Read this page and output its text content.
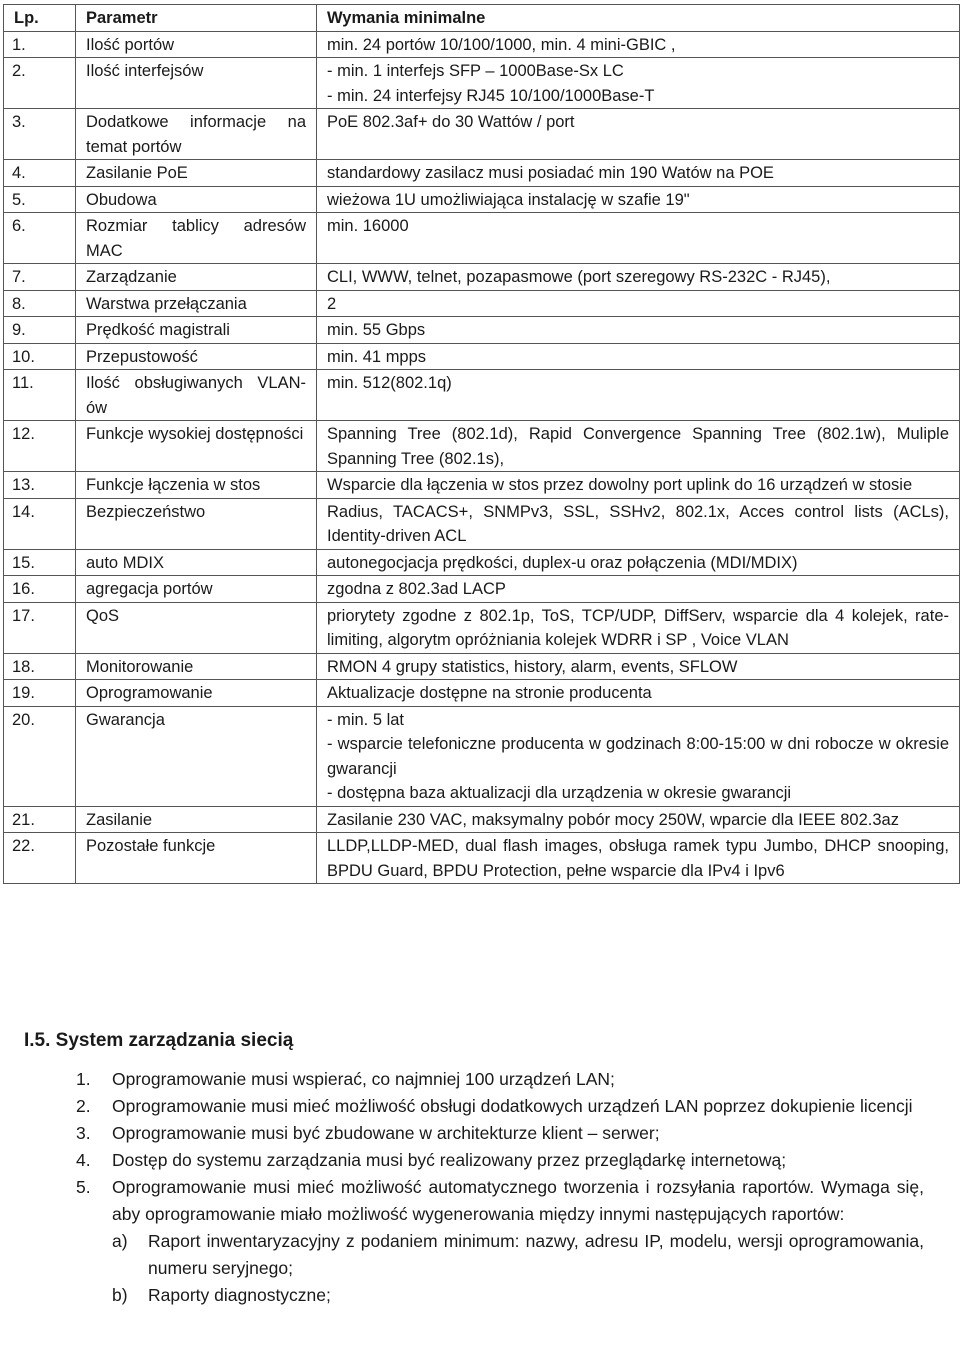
Lp.	Parametr	Wymania minimalne
1.	Ilość portów	min. 24 portów 10/100/1000, min. 4 mini-GBIC ,
2.	Ilość interfejsów	- min. 1 interfejs SFP – 1000Base-Sx LC
- min. 24 interfejsy RJ45 10/100/1000Base-T
3.	Dodatkowe informacje na temat portów	PoE 802.3af+ do 30 Wattów / port
4.	Zasilanie PoE	standardowy zasilacz musi posiadać min 190 Watów na POE
5.	Obudowa	wieżowa 1U umożliwiająca instalację w szafie 19"
6.	Rozmiar tablicy adresów MAC	min. 16000
7.	Zarządzanie	CLI, WWW, telnet, pozapasmowe (port szeregowy RS-232C - RJ45),
8.	Warstwa przełączania	2
9.	Prędkość magistrali	min. 55 Gbps
10.	Przepustowość	min. 41 mpps
11.	Ilość obsługiwanych VLAN-ów	min. 512(802.1q)
12.	Funkcje wysokiej dostępności	Spanning Tree (802.1d), Rapid Convergence Spanning Tree (802.1w), Muliple Spanning Tree (802.1s),
13.	Funkcje łączenia w stos	Wsparcie dla łączenia w stos przez dowolny port uplink do 16 urządzeń w stosie
14.	Bezpieczeństwo	Radius, TACACS+, SNMPv3, SSL, SSHv2, 802.1x, Acces control lists (ACLs), Identity-driven ACL
15.	auto MDIX	autonegocjacja prędkości, duplex-u oraz połączenia (MDI/MDIX)
16.	agregacja portów	zgodna z 802.3ad LACP
17.	QoS	priorytety zgodne z 802.1p, ToS, TCP/UDP, DiffServ, wsparcie dla 4 kolejek, rate-limiting, algorytm opróżniania kolejek WDRR i SP , Voice VLAN
18.	Monitorowanie	RMON 4 grupy statistics, history, alarm, events, SFLOW
19.	Oprogramowanie	Aktualizacje dostępne na stronie producenta
20.	Gwarancja	- min. 5 lat
- wsparcie telefoniczne producenta w godzinach 8:00-15:00 w dni robocze w okresie gwarancji
- dostępna baza aktualizacji dla urządzenia w okresie gwarancji
21.	Zasilanie	Zasilanie 230 VAC, maksymalny pobór mocy 250W, wparcie dla IEEE 802.3az
22.	Pozostałe funkcje	LLDP,LLDP-MED, dual flash images, obsługa ramek typu Jumbo, DHCP snooping, BPDU Guard, BPDU Protection, pełne wsparcie dla IPv4 i Ipv6
I.5. System zarządzania siecią
1. Oprogramowanie musi wspierać, co najmniej 100 urządzeń LAN;
2. Oprogramowanie musi mieć możliwość obsługi dodatkowych urządzeń LAN poprzez dokupienie licencji
3. Oprogramowanie musi być zbudowane w architekturze klient – serwer;
4. Dostęp do systemu zarządzania musi być realizowany przez przeglądarkę internetową;
5. Oprogramowanie musi mieć możliwość automatycznego tworzenia i rozsyłania raportów. Wymaga się, aby oprogramowanie miało możliwość wygenerowania między innymi następujących raportów:
a) Raport inwentaryzacyjny z podaniem minimum: nazwy, adresu IP, modelu, wersji oprogramowania, numeru seryjnego;
b) Raporty diagnostyczne;
